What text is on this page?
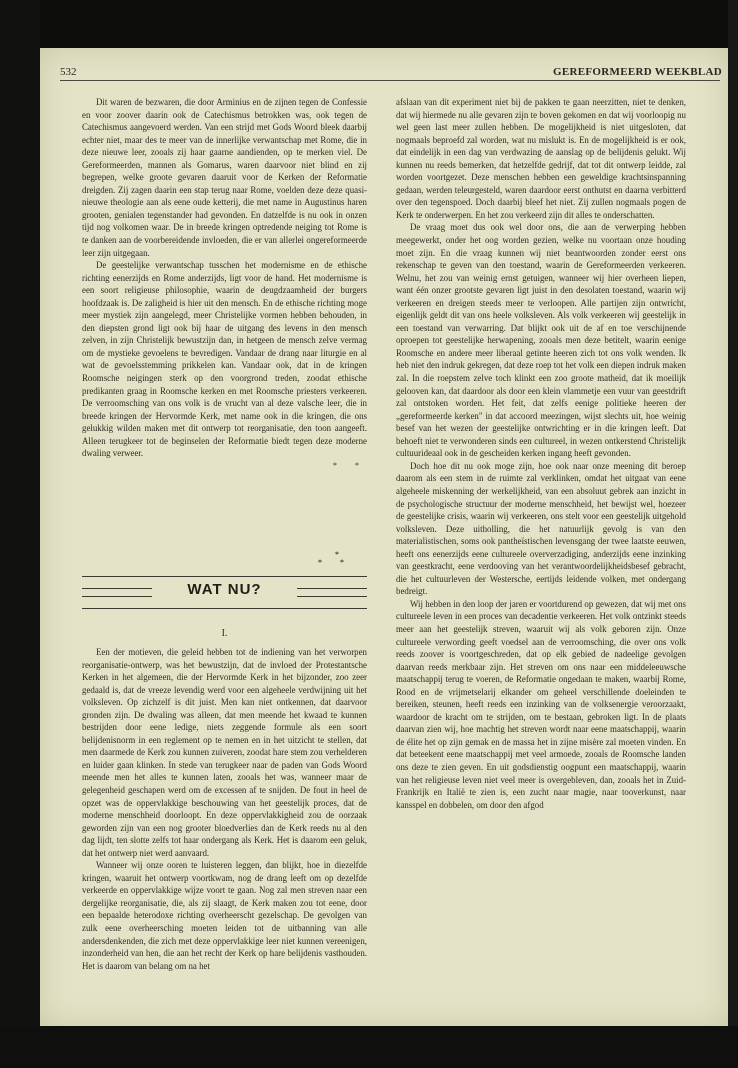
532	GEREFORMEERD WEEKBLAD

Dit waren de bezwaren, die door Arminius en de zijnen tegen de Confessie en voor zoover daarin ook de Catechismus betrokken was, ook tegen de Catechismus aangevoerd werden. Van een strijd met Gods Woord bleek daarbij echter niet, maar des te meer van de innerlijke verwantschap met Rome, die in deze nieuwe leer, zooals zij haar gaarne aandienden, op te merken viel. De Gereformeerden, mannen als Gomarus, waren daarvoor niet blind en zij begrepen, welke groote gevaren daaruit voor de Kerken der Reformatie dreigden. Zij zagen daarin een stap terug naar Rome, voelden deze deze quasi-nieuwe theologie aan als eene oude ketterij, die met name in Augustinus haren grooten, genialen tegenstander had gevonden. En datzelfde is nu ook in onzen tijd nog volkomen waar. De in breede kringen optredende neiging tot Rome is te danken aan de voorbereidende invloeden, die er van allerlei ongereformeerde leer zijn uitgegaan.

De geestelijke verwantschap tusschen het modernisme en de ethische richting eenerzijds en Rome anderzijds, ligt voor de hand. Het modernisme is een soort religieuse philosophie, waarin de deugdzaamheid der burgers hoofdzaak is. De zaligheid is hier uit den mensch. En de ethische richting moge meer mystiek zijn aangelegd, meer Christelijke vormen hebben behouden, in den diepsten grond ligt ook bij haar de uitgang des levens in den mensch zelven, in zijn Christelijk bewustzijn dan, in hetgeen de mensch zelve vermag om de mystieke gevoelens te bevredigen. Vandaar de drang naar liturgie en al wat de gevoelsstemming prikkelen kan. Vandaar ook, dat in de kringen Roomsche neigingen sterk op den voorgrond treden, zoodat ethische predikanten graag in Roomsche kerken en met Roomsche priesters verkeeren. De verroomsching van ons volk is de vrucht van al deze valsche leer, die in breede kringen der Hervormde Kerk, met name ook in die kringen, die ons gelukkig wilden maken met dit ontwerp tot reorganisatie, den toon aangeeft. Alleen terugkeer tot de beginselen der Reformatie biedt tegen deze moderne dwaling verweer.

* *

WAT NU?
*
* *
I.

Een der motieven, die geleid hebben tot de indiening van het verworpen reorganisatie-ontwerp, was het bewustzijn, dat de invloed der Protestantsche Kerken in het algemeen, die der Hervormde Kerk in het bijzonder, zoo zeer gedaald is, dat de vreeze levendig werd voor een algeheele verdwijning uit het volksleven. Op zichzelf is dit juist. Men kan niet ontkennen, dat daarvoor gronden zijn. De dwaling was alleen, dat men meende het kwaad te kunnen bestrijden door eene ledige, niets zeggende formule als een soort belijdenisnorm in een reglement op te nemen en in het uitzicht te stellen, dat men daarmede de Kerk zou kunnen zuiveren, zoodat hare stem zou verhelderen en luider gaan klinken. In stede van terugkeer naar de paden van Gods Woord meende men het alles te kunnen laten, zooals het was, wanneer maar de gelegenheid geschapen werd om de excessen af te snijden. De fout in heel de opzet was de oppervlakkige beschouwing van het geestelijk proces, dat de moderne menschheid doorloopt. En deze oppervlakkigheid zou de oorzaak geworden zijn van een nog grooter bloedverlies dan de Kerk reeds nu al den dag lijdt, ten slotte zelfs tot haar ondergang als Kerk. Het is daarom een geluk, dat het ontwerp niet werd aanvaard.

Wanneer wij onze ooren te luisteren leggen, dan blijkt, hoe in diezelfde kringen, waaruit het ontwerp voortkwam, nog de drang leeft om op dezelfde verkeerde en oppervlakkige wijze voort te gaan. Nog zal men streven naar een dergelijke reorganisatie, die, als zij slaagt, de Kerk maken zou tot eene, door een bepaalde heterodoxe richting overheerscht gezelschap. De gevolgen van zulk eene overheersching moeten leiden tot de uitbanning van alle andersdenkenden, die zich met deze oppervlakkige leer niet kunnen vereenigen, inzonderheid van hen, die aan het recht der Kerk op hare belijdenis vasthouden. Het is daarom van belang om na het

afslaan van dit experiment niet bij de pakken te gaan neerzitten, niet te denken, dat wij hiermede nu alle gevaren zijn te boven gekomen en dat wij voorloopig nu wel geen last meer zullen hebben. De mogelijkheid is niet uitgesloten, dat nogmaals beproefd zal worden, wat nu mislukt is. En de mogelijkheid is er ook, dat eindelijk in een dag van verdwazing de aanslag op de belijdenis gelukt. Wij kunnen nu reeds bemerken, dat hetzelfde gedrijf, dat tot dit ontwerp leidde, zal worden voortgezet. Deze menschen hebben een geweldige krachtsinspanning gedaan, werden teleurgesteld, waren daardoor eerst onthutst en daarna verbitterd over den tegenspoed. Doch daarbij bleef het niet. Zij zullen nogmaals pogen de Kerk te onderwerpen. En het zou verkeerd zijn dit alles te onderschatten.

De vraag moet dus ook wel door ons, die aan de verwerping hebben meegewerkt, onder het oog worden gezien, welke nu voortaan onze houding moet zijn. En die vraag kunnen wij niet beantwoorden zonder eerst ons rekenschap te geven van den toestand, waarin de Gereformeerden verkeeren. Welnu, het zou van weinig ernst getuigen, wanneer wij hier overheen liepen, want één onzer grootste gevaren ligt juist in den desolaten toestand, waarin wij verkeeren en dreigen steeds meer te verloopen. Alle partijen zijn ontwricht, eigenlijk geldt dit van ons heele volksleven. Als volk verkeeren wij geestelijk in een toestand van verwarring. Dat blijkt ook uit de af en toe verschijnende oproepen tot geestelijke herwapening, zooals men deze betitelt, waarin eenige Roomsche en andere meer liberaal getinte heeren zich tot ons volk wenden. Ik heb niet den indruk gekregen, dat deze roep tot het volk een diepen indruk maken zal. In die roepstem zelve toch klinkt een zoo groote matheid, dat ik moeilijk gelooven kan, dat daardoor als door een klein vlammetje een vuur van geestdrift zal ontstoken worden. Het feit, dat zelfs eenige politieke heeren der „gereformeerde kerken" in dat accoord meezingen, wijst slechts uit, hoe weinig besef van het wezen der geestelijke ontwrichting er in die kringen leeft. Dat behoeft niet te verwonderen sinds een cultureel, in wezen ontkerstend Christelijk cultuurideaal ook in de gescheiden kerken ingang heeft gevonden.

Doch hoe dit nu ook moge zijn, hoe ook naar onze meening dit beroep daarom als een stem in de ruimte zal verklinken, omdat het uitgaat van eene algeheele miskenning der werkelijkheid, van een absoluut gebrek aan inzicht in de psychologische structuur der moderne menschheid, het bewijst wel, hoezeer de geestelijke crisis, waarin wij verkeeren, ons stelt voor een geestelijk uitgehold volksleven. Deze uitholling, die het natuurlijk gevolg is van den materialistischen, soms ook pantheïstischen levensgang der twee laatste eeuwen, heeft ons eenerzijds eene cultureele oververzadiging, anderzijds eene inzinking van geestkracht, eene verdooving van het verantwoordelijkheidsbesef gebracht, die het cultuurleven der Westersche, eertijds leidende volken, met ondergang bedreigt.

Wij hebben in den loop der jaren er voortdurend op gewezen, dat wij met ons cultureele leven in een proces van decadentie verkeeren. Het volk ontzinkt steeds meer aan het geestelijk streven, waaruit wij als volk geboren zijn. Onze cultureele verwording geeft voedsel aan de verroomsching, die over ons volk reeds zoover is voortgeschreden, dat op elk gebied de nadeelige gevolgen daarvan reeds merkbaar zijn. Het streven om ons naar een middeleeuwsche maatschappij terug te voeren, de Reformatie ongedaan te maken, waarbij Rome, Rood en de vrijmetselarij elkander om geheel verschillende doeleinden te bereiken, steunen, heeft reeds een inzinking van de volksenergie veroorzaakt, waardoor de kracht om te strijden, om te bestaan, gebroken ligt. In de plaats daarvan zien wij, hoe machtig het streven wordt naar eene maatschappij, waarin de élite het op zijn gemak en de massa het in zijne misère zal moeten vinden. En dat beteekent eene maatschappij met veel armoede, zooals de Roomsche landen ons deze te zien geven. En uit godsdienstig oogpunt een maatschappij, waarin van het religieuse leven niet veel meer is overgebleven, dan, zooals het in Zuid-Frankrijk en Italië te zien is, een zucht naar magie, naar tooverkunst, naar kansspel en dobbelen, om door den afgod
